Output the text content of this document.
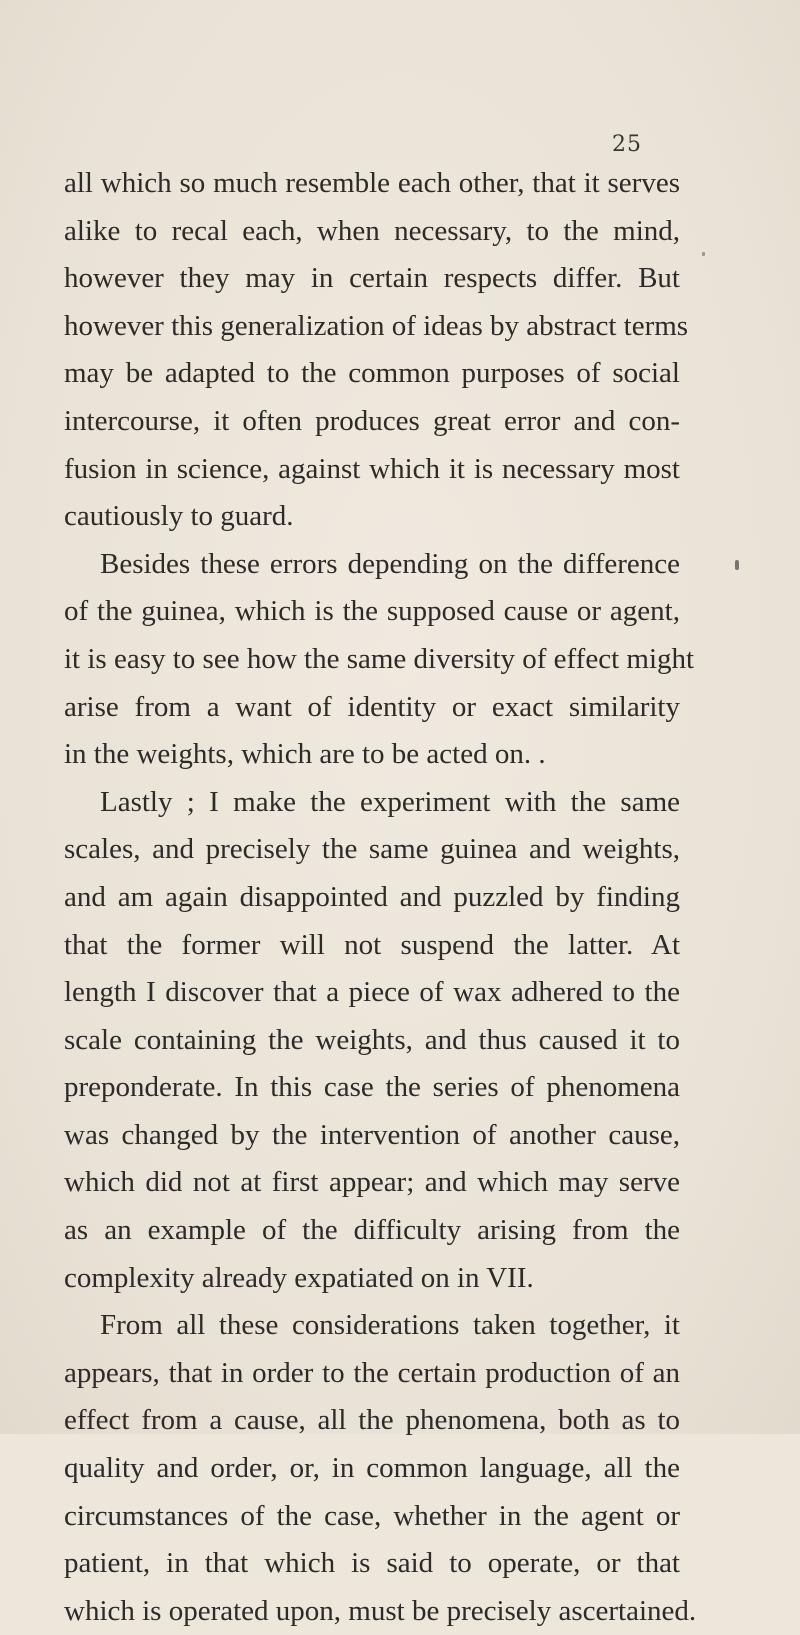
25
all which so much resemble each other, that it serves
alike to recal each, when necessary, to the mind,
however they may in certain respects differ. But
however this generalization of ideas by abstract terms
may be adapted to the common purposes of social
intercourse, it often produces great error and con-
fusion in science, against which it is necessary most
cautiously to guard.
Besides these errors depending on the difference
of the guinea, which is the supposed cause or agent,
it is easy to see how the same diversity of effect might
arise from a want of identity or exact similarity
in the weights, which are to be acted on. .
Lastly ; I make the experiment with the same
scales, and precisely the same guinea and weights,
and am again disappointed and puzzled by finding
that the former will not suspend the latter. At
length I discover that a piece of wax adhered to the
scale containing the weights, and thus caused it to
preponderate. In this case the series of phenomena
was changed by the intervention of another cause,
which did not at first appear; and which may serve
as an example of the difficulty arising from the
complexity already expatiated on in VII.
From all these considerations taken together, it
appears, that in order to the certain production of an
effect from a cause, all the phenomena, both as to
quality and order, or, in common language, all the
circumstances of the case, whether in the agent or
patient, in that which is said to operate, or that
which is operated upon, must be precisely ascertained.
